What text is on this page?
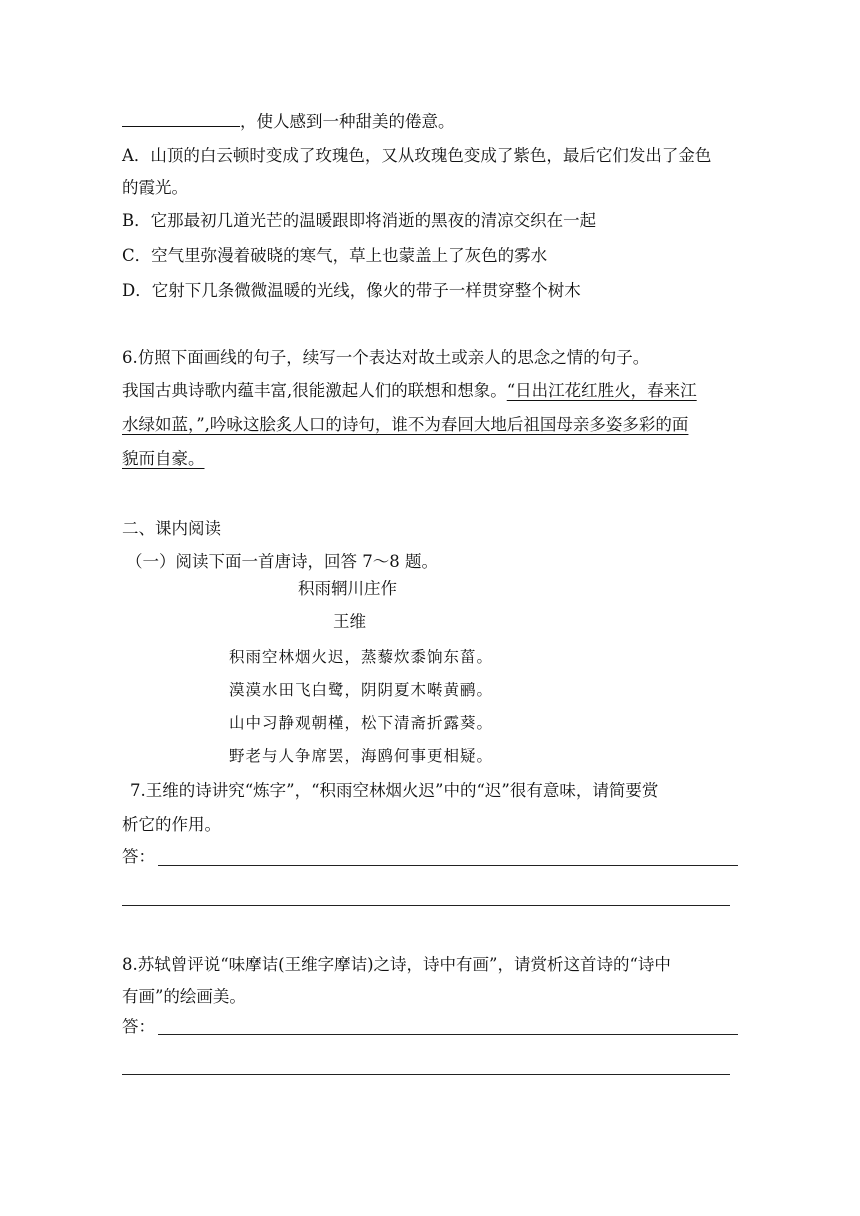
，使人感到一种甜美的倦意。
A．山顶的白云顿时变成了玫瑰色，又从玫瑰色变成了紫色，最后它们发出了金色
的霞光。
B．它那最初几道光芒的温暖跟即将消逝的黑夜的清凉交织在一起
C．空气里弥漫着破晓的寒气，草上也蒙盖上了灰色的雾水
D．它射下几条微微温暖的光线，像火的带子一样贯穿整个树木
6.仿照下面画线的句子，续写一个表达对故土或亲人的思念之情的句子。
我国古典诗歌内蕴丰富,很能激起人们的联想和想象。“日出江花红胜火，春来江
水绿如蓝，”,吟咏这脍炙人口的诗句，谁不为春回大地后祖国母亲多姿多彩的面
貌而自豪。
二、课内阅读
（一）阅读下面一首唐诗，回答 7～8 题。
积雨辋川庄作
王维
积雨空林烟火迟，蒸藜炊黍饷东菑。
漠漠水田飞白鹭，阴阴夏木啭黄鹂。
山中习静观朝槿，松下清斋折露葵。
野老与人争席罢，海鸥何事更相疑。
7.王维的诗讲究“炼字”，“积雨空林烟火迟”中的“迟”很有意味，请简要赏
析它的作用。
答：
8.苏轼曾评说“味摩诘(王维字摩诘)之诗，诗中有画”，请赏析这首诗的“诗中
有画”的绘画美。
答：
